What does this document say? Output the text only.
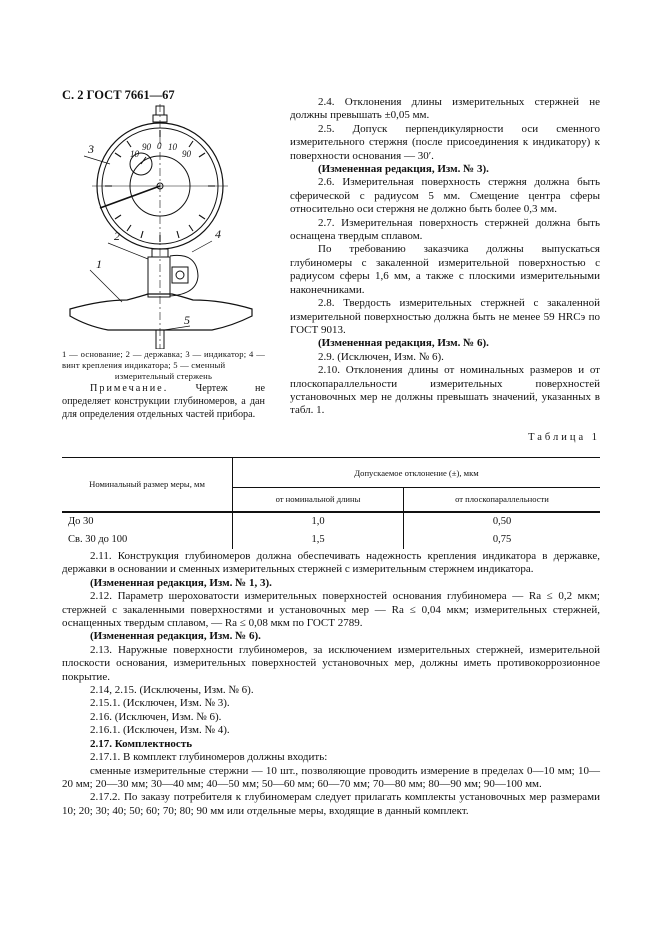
С. 2 ГОСТ 7661—67
10
90 0 10
90
1
2
3
4
5
1 — основание; 2 — державка; 3 — индикатор; 4 — винт крепления индикатора; 5 — сменный
измерительный стержень

Примечание. Чертеж не определяет конструкции глубиномеров, а дан для определения отдельных частей прибора.

2.4. Отклонения длины измерительных стержней не должны превышать ±0,05 мм.

2.5. Допуск перпендикулярности оси сменного измерительного стержня (после присоединения к индикатору) к поверхности основания — 30′.

(Измененная редакция, Изм. № 3).

2.6. Измерительная поверхность стержня должна быть сферической с радиусом 5 мм. Смещение центра сферы относительно оси стержня не должно быть более 0,3 мм.

2.7. Измерительная поверхность стержней должна быть оснащена твердым сплавом.

По требованию заказчика должны выпускаться глубиномеры с закаленной измерительной поверхностью с радиусом сферы 1,6 мм, а также с плоскими измерительными наконечниками.

2.8. Твердость измерительных стержней с закаленной измерительной поверхностью должна быть не менее 59 HRCэ по ГОСТ 9013.

(Измененная редакция, Изм. № 6).

2.9. (Исключен, Изм. № 6).

2.10. Отклонения длины от номинальных размеров и от плоскопараллельности измерительных поверхностей установочных мер не должны превышать значений, указанных в табл. 1.

Таблица 1
Номинальный размер меры, мм	Допускаемое отклонение (±), мкм	
	от номинальной длины	от плоскопараллельности
До 30	1,0	0,50
Св. 30 до 100	1,5	0,75

2.11. Конструкция глубиномеров должна обеспечивать надежность крепления индикатора в державке, державки в основании и сменных измерительных стержней с измерительным стержнем индикатора.

(Измененная редакция, Изм. № 1, 3).

2.12. Параметр шероховатости измерительных поверхностей основания глубиномера — Ra ≤ 0,2 мкм; стержней с закаленными поверхностями и установочных мер — Ra ≤ 0,04 мкм; измерительных стержней, оснащенных твердым сплавом, — Ra ≤ 0,08 мкм по ГОСТ 2789.

(Измененная редакция, Изм. № 6).

2.13. Наружные поверхности глубиномеров, за исключением измерительных стержней, измерительной плоскости основания, измерительных поверхностей установочных мер, должны иметь противокоррозионное покрытие.

2.14, 2.15. (Исключены, Изм. № 6).

2.15.1. (Исключен, Изм. № 3).

2.16. (Исключен, Изм. № 6).

2.16.1. (Исключен, Изм. № 4).

2.17. Комплектность

2.17.1. В комплект глубиномеров должны входить:

сменные измерительные стержни — 10 шт., позволяющие проводить измерение в пределах 0—10 мм; 10—20 мм; 20—30 мм; 30—40 мм; 40—50 мм; 50—60 мм; 60—70 мм; 70—80 мм; 80—90 мм; 90—100 мм.

2.17.2. По заказу потребителя к глубиномерам следует прилагать комплекты установочных мер размерами 10; 20; 30; 40; 50; 60; 70; 80; 90 мм или отдельные меры, входящие в данный комплект.
